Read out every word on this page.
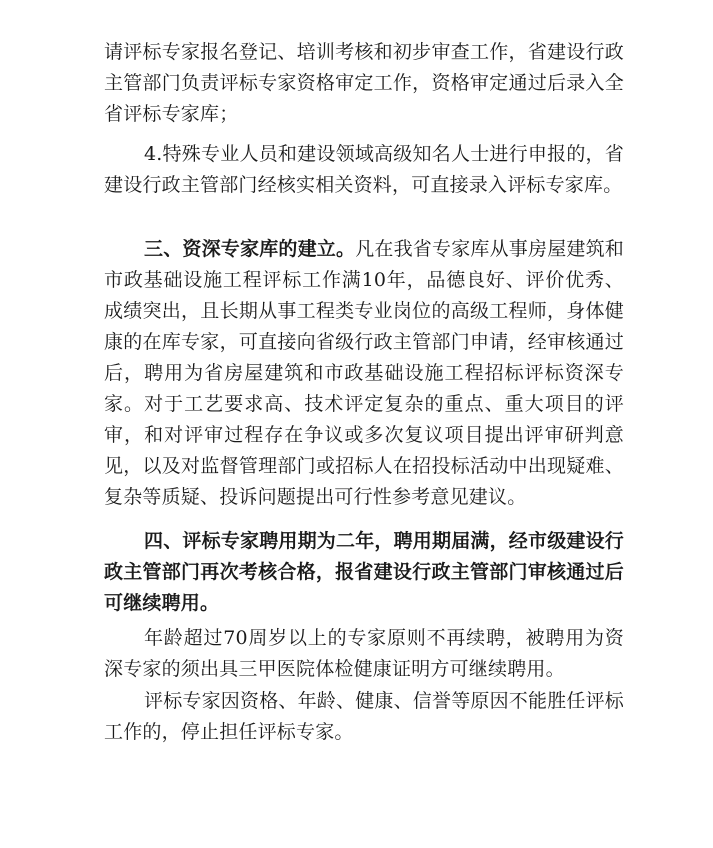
请评标专家报名登记、培训考核和初步审查工作，省建设行政主管部门负责评标专家资格审定工作，资格审定通过后录入全省评标专家库；

4.特殊专业人员和建设领域高级知名人士进行申报的，省建设行政主管部门经核实相关资料，可直接录入评标专家库。

三、资深专家库的建立。凡在我省专家库从事房屋建筑和市政基础设施工程评标工作满10年，品德良好、评价优秀、成绩突出，且长期从事工程类专业岗位的高级工程师，身体健康的在库专家，可直接向省级行政主管部门申请，经审核通过后，聘用为省房屋建筑和市政基础设施工程招标评标资深专家。对于工艺要求高、技术评定复杂的重点、重大项目的评审，和对评审过程存在争议或多次复议项目提出评审研判意见，以及对监督管理部门或招标人在招投标活动中出现疑难、复杂等质疑、投诉问题提出可行性参考意见建议。

四、评标专家聘用期为二年，聘用期届满，经市级建设行政主管部门再次考核合格，报省建设行政主管部门审核通过后可继续聘用。

年龄超过70周岁以上的专家原则不再续聘，被聘用为资深专家的须出具三甲医院体检健康证明方可继续聘用。

评标专家因资格、年龄、健康、信誉等原因不能胜任评标工作的，停止担任评标专家。
